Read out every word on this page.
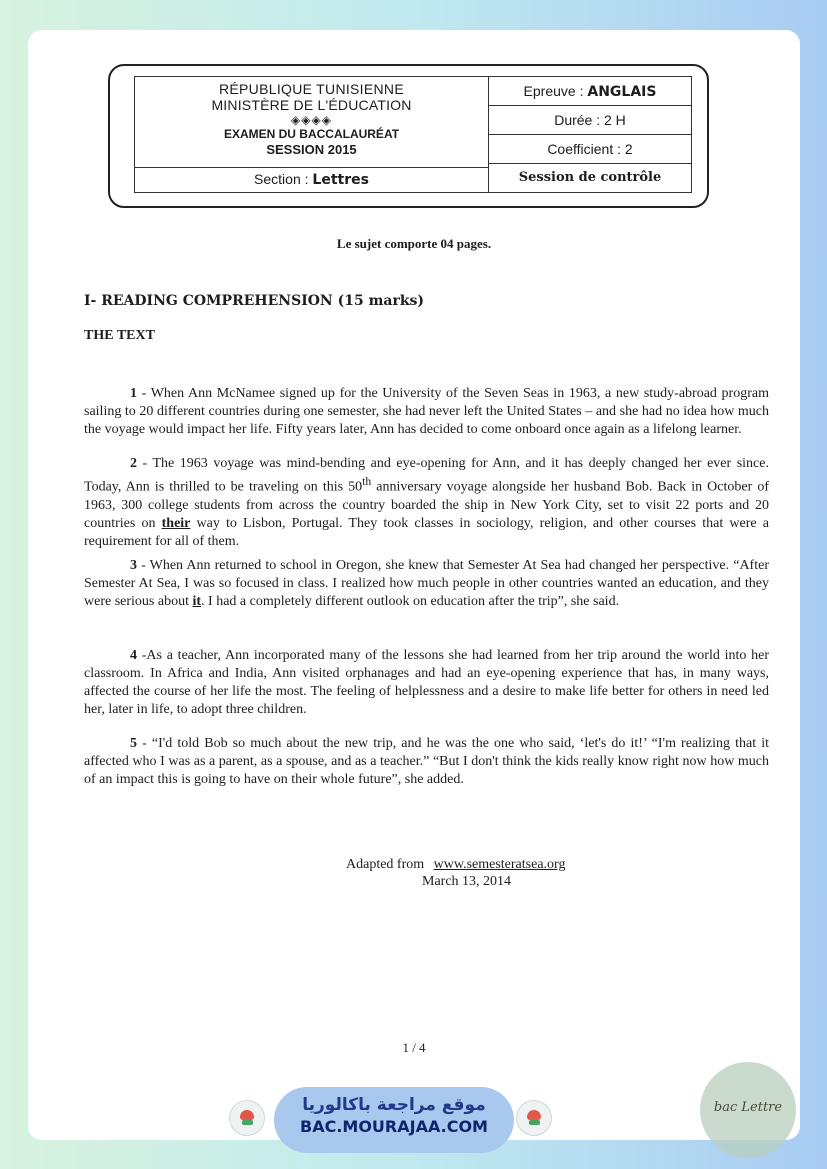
RÉPUBLIQUE TUNISIENNE
MINISTÈRE DE L'ÉDUCATION
◈◈◈◈
EXAMEN DU BACCALAURÉAT
SESSION 2015
Section : Lettres
Epreuve : ANGLAIS
Durée : 2 H
Coefficient : 2
Session de contrôle
Le sujet comporte 04 pages.
I- READING COMPREHENSION (15 marks)
THE TEXT

1 - When Ann McNamee signed up for the University of the Seven Seas in 1963, a new study-abroad program sailing to 20 different countries during one semester, she had never left the United States – and she had no idea how much the voyage would impact her life. Fifty years later, Ann has decided to come onboard once again as a lifelong learner.

2 - The 1963 voyage was mind-bending and eye-opening for Ann, and it has deeply changed her ever since. Today, Ann is thrilled to be traveling on this 50th anniversary voyage alongside her husband Bob. Back in October of 1963, 300 college students from across the country boarded the ship in New York City, set to visit 22 ports and 20 countries on their way to Lisbon, Portugal. They took classes in sociology, religion, and other courses that were a requirement for all of them.

3 - When Ann returned to school in Oregon, she knew that Semester At Sea had changed her perspective. “After Semester At Sea, I was so focused in class. I realized how much people in other countries wanted an education, and they were serious about it. I had a completely different outlook on education after the trip”, she said.

4 -As a teacher, Ann incorporated many of the lessons she had learned from her trip around the world into her classroom. In Africa and India, Ann visited orphanages and had an eye-opening experience that has, in many ways, affected the course of her life the most. The feeling of helplessness and a desire to make life better for others in need led her, later in life, to adopt three children.

5 - “I'd told Bob so much about the new trip, and he was the one who said, ‘let's do it!’ “I'm realizing that it affected who I was as a parent, as a spouse, and as a teacher.” “But I don't think the kids really know right now how much of an impact this is going to have on their whole future”, she added.

Adapted from www.semesteratsea.org
March 13, 2014
1 / 4
موقع مراجعة باكالوريا
BAC.MOURAJAA.COM
bac Lettre
